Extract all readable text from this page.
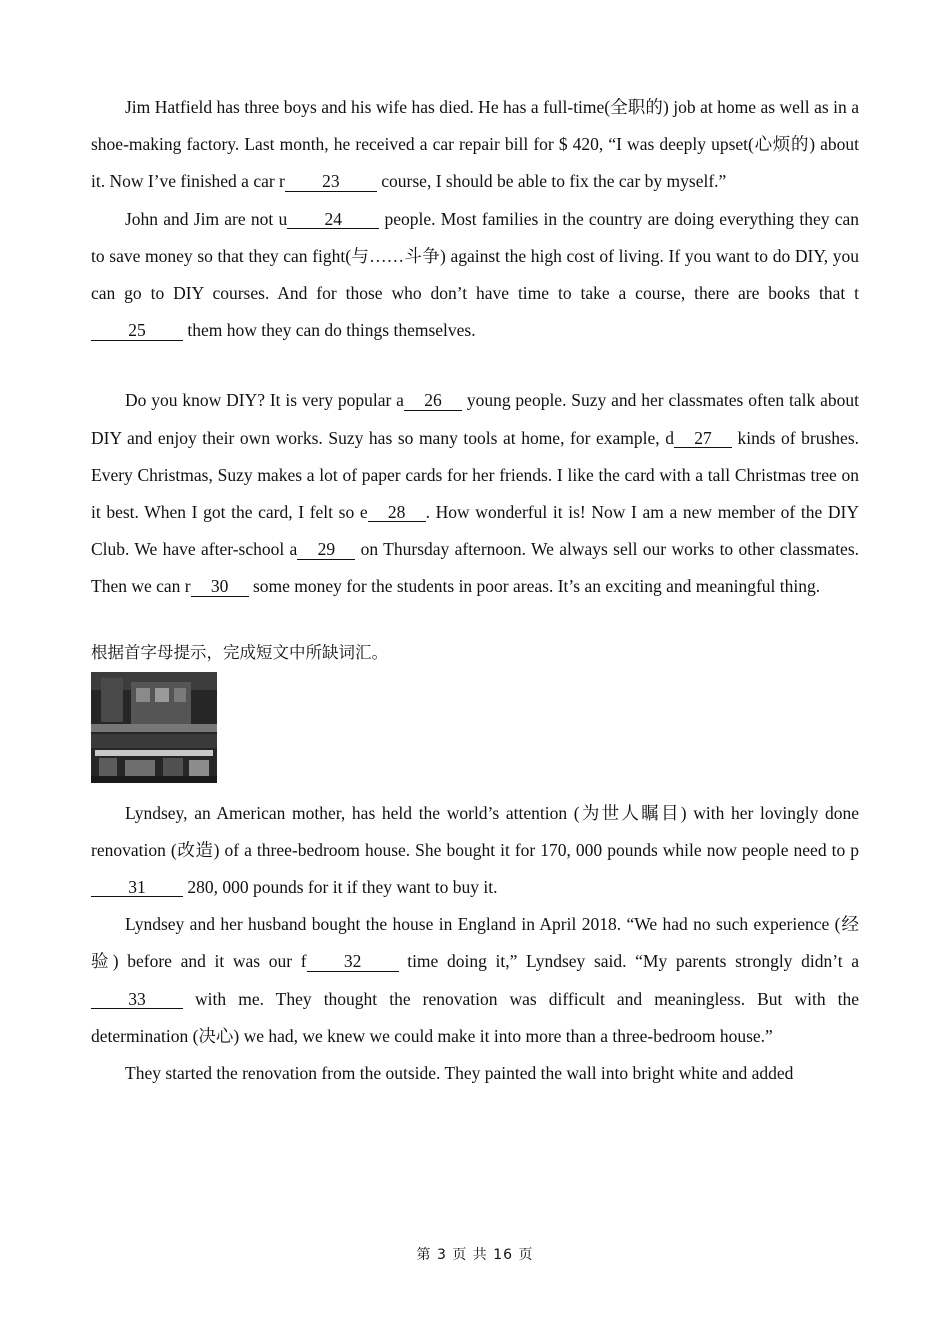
Jim Hatfield has three boys and his wife has died. He has a full-time(全职的) job at home as well as in a shoe-making factory. Last month, he received a car repair bill for $ 420, “I was deeply upset(心烦的) about it. Now I’ve finished a car r 23 course, I should be able to fix the car by myself.”

John and Jim are not u 24 people. Most families in the country are doing everything they can to save money so that they can fight(与……斗争) against the high cost of living. If you want to do DIY, you can go to DIY courses. And for those who don’t have time to take a course, there are books that t25 them how they can do things themselves.

Do you know DIY? It is very popular a 26 young people. Suzy and her classmates often talk about DIY and enjoy their own works. Suzy has so many tools at home, for example, d 27 kinds of brushes. Every Christmas, Suzy makes a lot of paper cards for her friends. I like the card with a tall Christmas tree on it best. When I got the card, I felt so e 28 . How wonderful it is! Now I am a new member of the DIY Club. We have after-school a 29 on Thursday afternoon. We always sell our works to other classmates. Then we can r 30 some money for the students in poor areas. It’s an exciting and meaningful thing.

根据首字母提示，完成短文中所缺词汇。

Lyndsey, an American mother, has held the world’s attention (为世人瞩目) with her lovingly done renovation (改造) of a three-bedroom house. She bought it for 170, 000 pounds while now people need to p31 280, 000 pounds for it if they want to buy it.

Lyndsey and her husband bought the house in England in April 2018. “We had no such experience (经验) before and it was our f 32 time doing it,” Lyndsey said. “My parents strongly didn’t a33 with me. They thought the renovation was difficult and meaningless. But with the determination (决心) we had, we knew we could make it into more than a three-bedroom house.”

They started the renovation from the outside. They painted the wall into bright white and added

第 3 页 共 16 页
